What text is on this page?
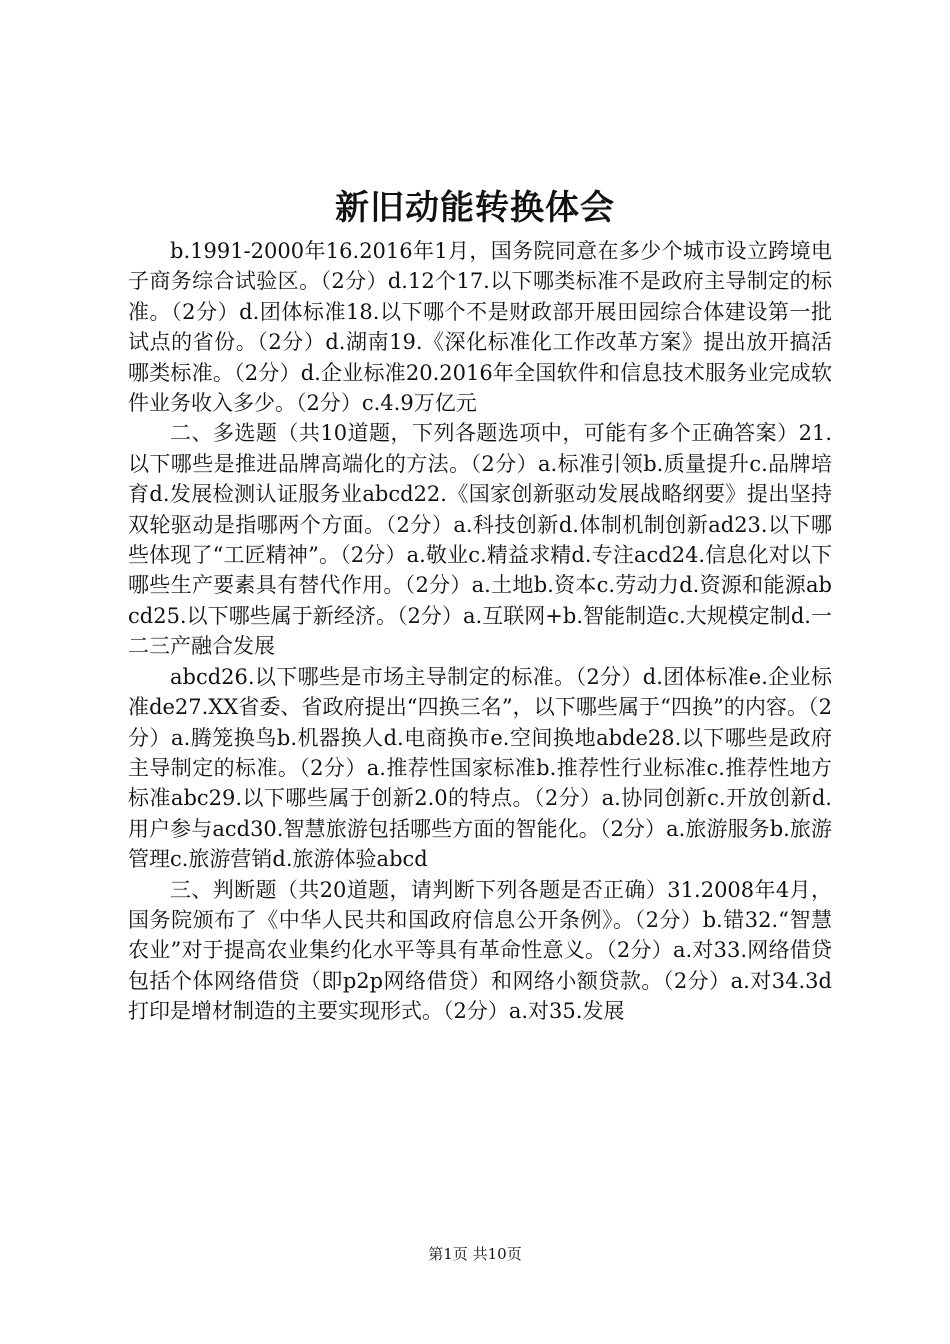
新旧动能转换体会

b.1991-2000年16.2016年1月，国务院同意在多少个城市设立跨境电子商务综合试验区。（2分）d.12个17.以下哪类标准不是政府主导制定的标准。（2分）d.团体标准18.以下哪个不是财政部开展田园综合体建设第一批试点的省份。（2分）d.湖南19.《深化标准化工作改革方案》提出放开搞活哪类标准。（2分）d.企业标准20.2016年全国软件和信息技术服务业完成软件业务收入多少。（2分）c.4.9万亿元

二、多选题（共10道题，下列各题选项中，可能有多个正确答案）21.以下哪些是推进品牌高端化的方法。（2分）a.标准引领b.质量提升c.品牌培育d.发展检测认证服务业abcd22.《国家创新驱动发展战略纲要》提出坚持双轮驱动是指哪两个方面。（2分）a.科技创新d.体制机制创新ad23.以下哪些体现了“工匠精神”。（2分）a.敬业c.精益求精d.专注acd24.信息化对以下哪些生产要素具有替代作用。（2分）a.土地b.资本c.劳动力d.资源和能源abcd25.以下哪些属于新经济。（2分）a.互联网+b.智能制造c.大规模定制d.一二三产融合发展

abcd26.以下哪些是市场主导制定的标准。（2分）d.团体标准e.企业标准de27.XX省委、省政府提出“四换三名”，以下哪些属于“四换”的内容。（2分）a.腾笼换鸟b.机器换人d.电商换市e.空间换地abde28.以下哪些是政府主导制定的标准。（2分）a.推荐性国家标准b.推荐性行业标准c.推荐性地方标准abc29.以下哪些属于创新2.0的特点。（2分）a.协同创新c.开放创新d.用户参与acd30.智慧旅游包括哪些方面的智能化。（2分）a.旅游服务b.旅游管理c.旅游营销d.旅游体验abcd

三、判断题（共20道题，请判断下列各题是否正确）31.2008年4月，国务院颁布了《中华人民共和国政府信息公开条例》。（2分）b.错32.“智慧农业”对于提高农业集约化水平等具有革命性意义。（2分）a.对33.网络借贷包括个体网络借贷（即p2p网络借贷）和网络小额贷款。（2分）a.对34.3d打印是增材制造的主要实现形式。（2分）a.对35.发展

第1页 共10页
